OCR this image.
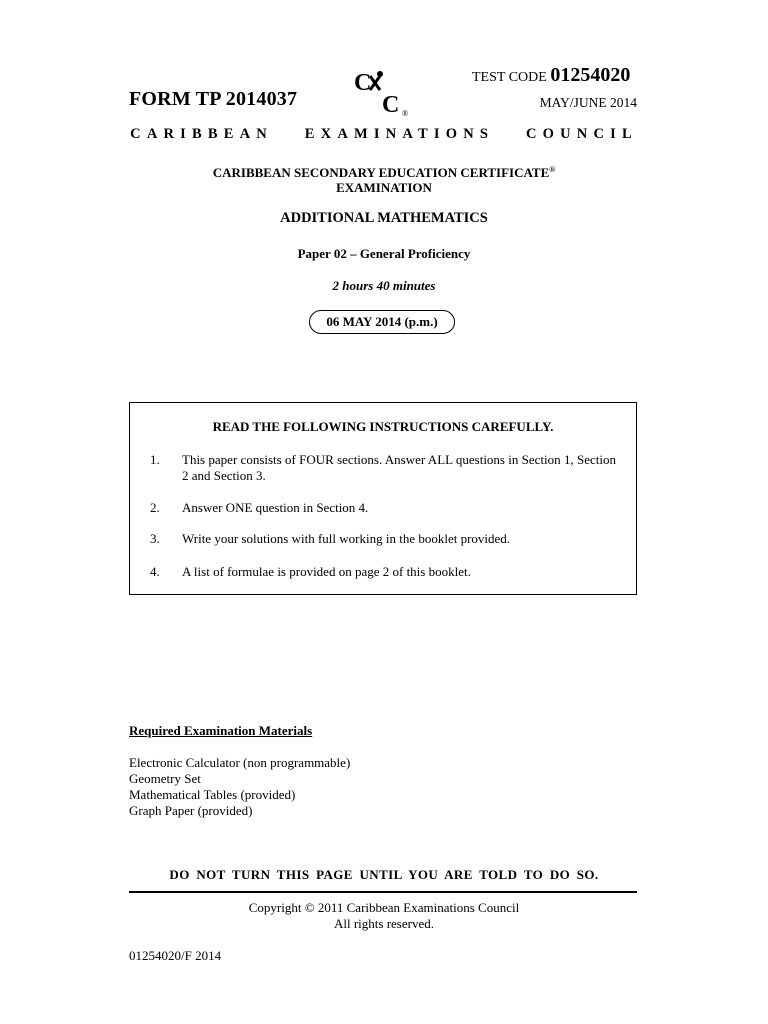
FORM TP 2014037
C
C ®
TEST CODE 01254020
MAY/JUNE 2014
CARIBBEAN EXAMINATIONS COUNCIL
CARIBBEAN SECONDARY EDUCATION CERTIFICATE®
EXAMINATION
ADDITIONAL MATHEMATICS
Paper 02 – General Proficiency
2 hours 40 minutes
06 MAY 2014 (p.m.)
READ THE FOLLOWING INSTRUCTIONS CAREFULLY.
1. This paper consists of FOUR sections. Answer ALL questions in Section 1, Section 2 and Section 3.
2. Answer ONE question in Section 4.
3. Write your solutions with full working in the booklet provided.
4. A list of formulae is provided on page 2 of this booklet.
Required Examination Materials
Electronic Calculator (non programmable)
Geometry Set
Mathematical Tables (provided)
Graph Paper (provided)
DO NOT TURN THIS PAGE UNTIL YOU ARE TOLD TO DO SO.
Copyright © 2011 Caribbean Examinations Council
All rights reserved.
01254020/F 2014
